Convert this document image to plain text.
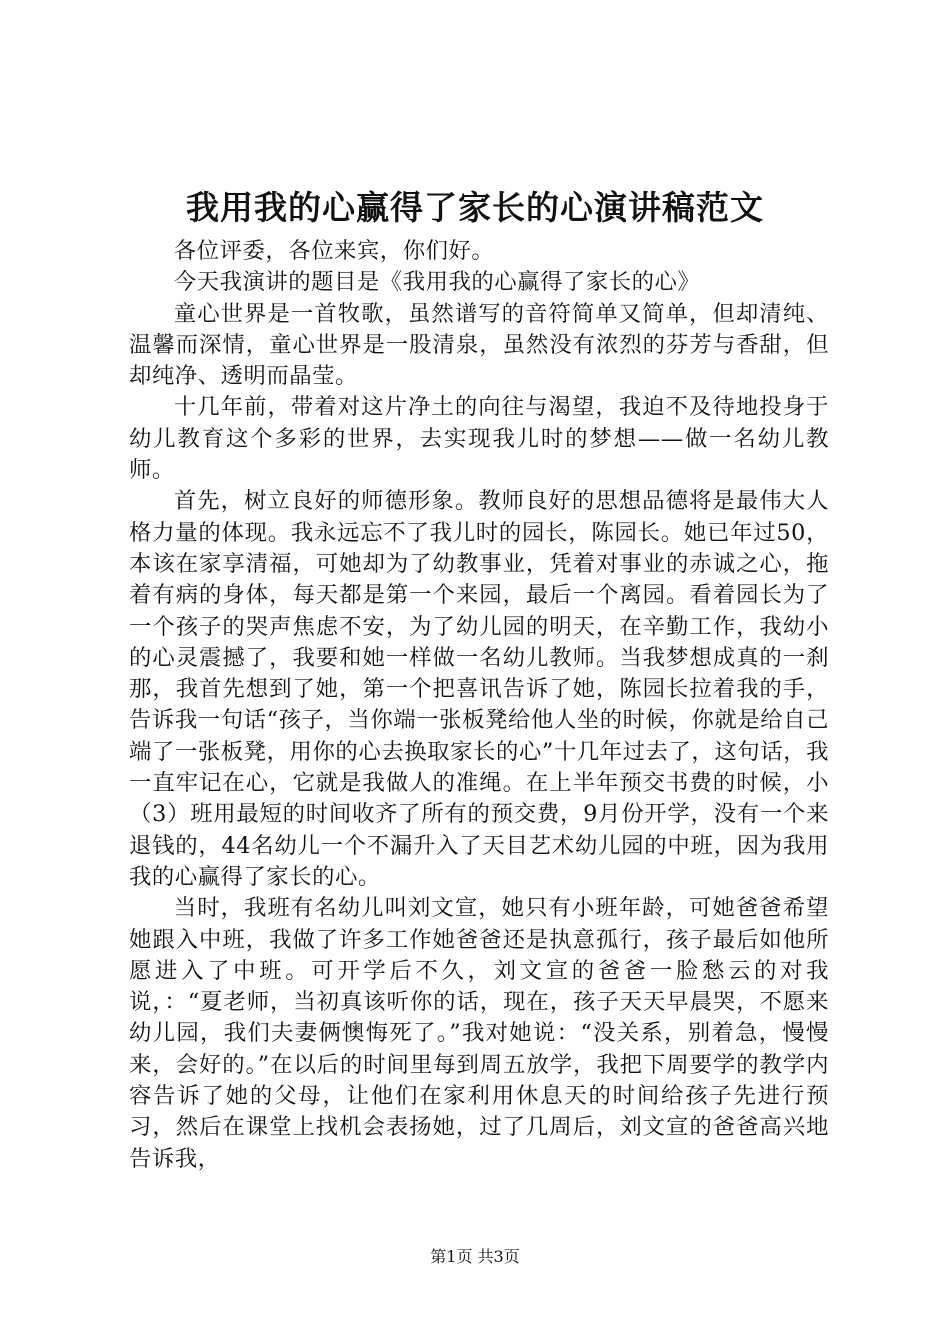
我用我的心赢得了家长的心演讲稿范文

各位评委，各位来宾，你们好。

今天我演讲的题目是《我用我的心赢得了家长的心》

童心世界是一首牧歌，虽然谱写的音符简单又简单，但却清纯、温馨而深情，童心世界是一股清泉，虽然没有浓烈的芬芳与香甜，但却纯净、透明而晶莹。

十几年前，带着对这片净土的向往与渴望，我迫不及待地投身于幼儿教育这个多彩的世界，去实现我儿时的梦想——做一名幼儿教师。

首先，树立良好的师德形象。教师良好的思想品德将是最伟大人格力量的体现。我永远忘不了我儿时的园长，陈园长。她已年过50，本该在家享清福，可她却为了幼教事业，凭着对事业的赤诚之心，拖着有病的身体，每天都是第一个来园，最后一个离园。看着园长为了一个孩子的哭声焦虑不安，为了幼儿园的明天，在辛勤工作，我幼小的心灵震撼了，我要和她一样做一名幼儿教师。当我梦想成真的一刹那，我首先想到了她，第一个把喜讯告诉了她，陈园长拉着我的手，告诉我一句话“孩子，当你端一张板凳给他人坐的时候，你就是给自己端了一张板凳，用你的心去换取家长的心”十几年过去了，这句话，我一直牢记在心，它就是我做人的准绳。在上半年预交书费的时候，小（3）班用最短的时间收齐了所有的预交费，9月份开学，没有一个来退钱的，44名幼儿一个不漏升入了天目艺术幼儿园的中班，因为我用我的心赢得了家长的心。

当时，我班有名幼儿叫刘文宣，她只有小班年龄，可她爸爸希望她跟入中班，我做了许多工作她爸爸还是执意孤行，孩子最后如他所愿进入了中班。可开学后不久，刘文宣的爸爸一脸愁云的对我说，：“夏老师，当初真该听你的话，现在，孩子天天早晨哭，不愿来幼儿园，我们夫妻俩懊悔死了。”我对她说：“没关系，别着急，慢慢来，会好的。”在以后的时间里每到周五放学，我把下周要学的教学内容告诉了她的父母，让他们在家利用休息天的时间给孩子先进行预习，然后在课堂上找机会表扬她，过了几周后，刘文宣的爸爸高兴地告诉我，

第1页 共3页
